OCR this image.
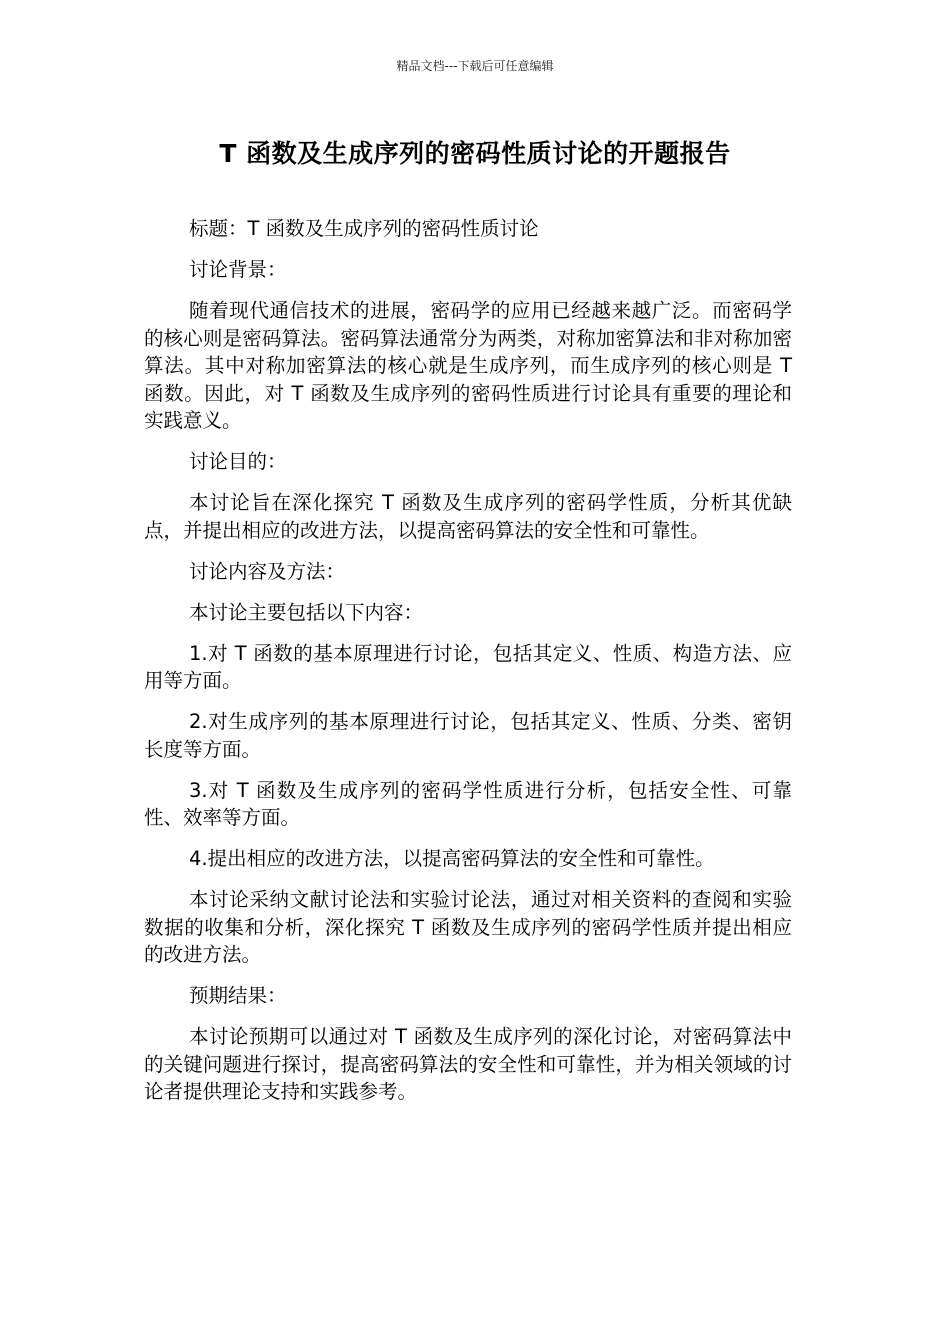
精品文档---下载后可任意编辑
T 函数及生成序列的密码性质讨论的开题报告

标题：T 函数及生成序列的密码性质讨论

讨论背景：

随着现代通信技术的进展，密码学的应用已经越来越广泛。而密码学的核心则是密码算法。密码算法通常分为两类，对称加密算法和非对称加密算法。其中对称加密算法的核心就是生成序列，而生成序列的核心则是 T 函数。因此，对 T 函数及生成序列的密码性质进行讨论具有重要的理论和实践意义。

讨论目的：

本讨论旨在深化探究 T 函数及生成序列的密码学性质，分析其优缺点，并提出相应的改进方法，以提高密码算法的安全性和可靠性。

讨论内容及方法：

本讨论主要包括以下内容：

1.对 T 函数的基本原理进行讨论，包括其定义、性质、构造方法、应用等方面。

2.对生成序列的基本原理进行讨论，包括其定义、性质、分类、密钥长度等方面。

3.对 T 函数及生成序列的密码学性质进行分析，包括安全性、可靠性、效率等方面。

4.提出相应的改进方法，以提高密码算法的安全性和可靠性。

本讨论采纳文献讨论法和实验讨论法，通过对相关资料的查阅和实验数据的收集和分析，深化探究 T 函数及生成序列的密码学性质并提出相应的改进方法。

预期结果：

本讨论预期可以通过对 T 函数及生成序列的深化讨论，对密码算法中的关键问题进行探讨，提高密码算法的安全性和可靠性，并为相关领域的讨论者提供理论支持和实践参考。
